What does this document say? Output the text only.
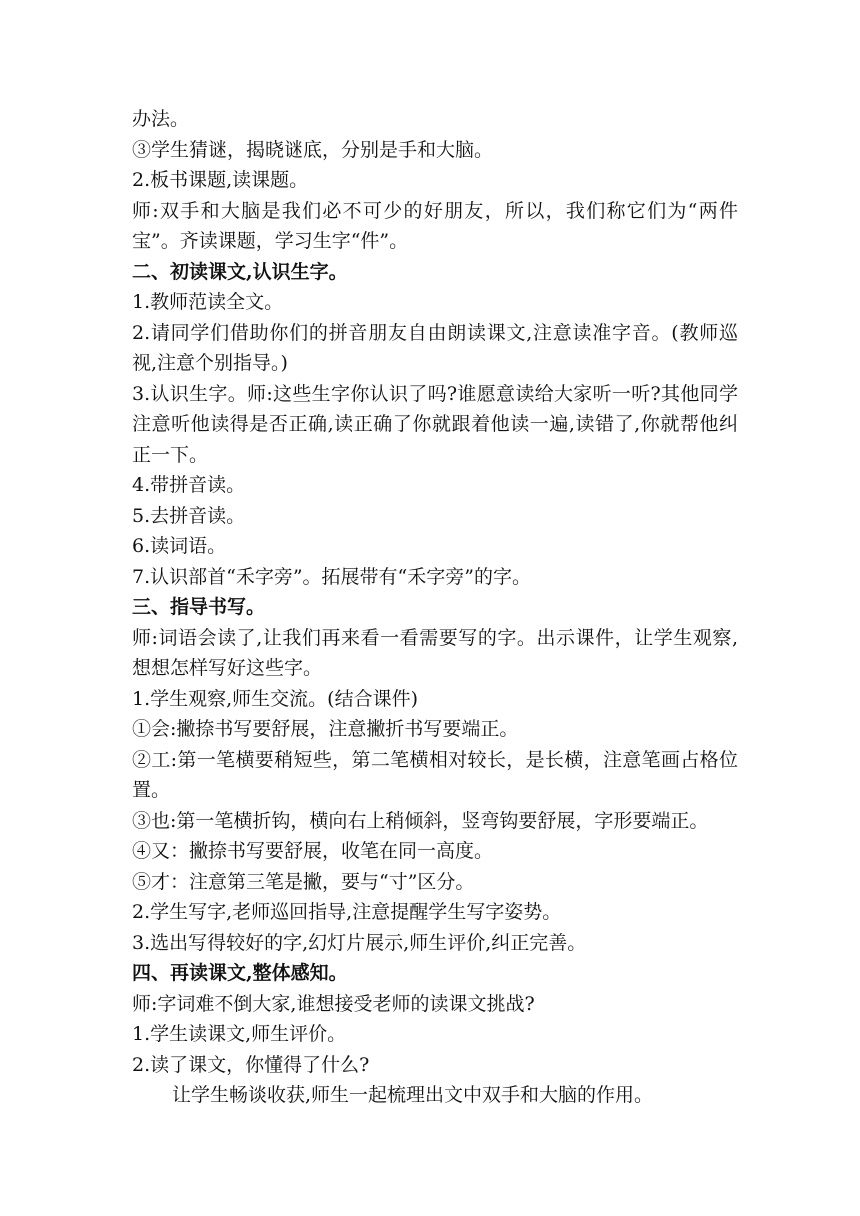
办法。
③学生猜谜，揭晓谜底，分别是手和大脑。
2.板书课题,读课题。
师:双手和大脑是我们必不可少的好朋友，所以，我们称它们为“两件宝”。齐读课题，学习生字“件”。
二、初读课文,认识生字。
1.教师范读全文。
2.请同学们借助你们的拼音朋友自由朗读课文,注意读准字音。(教师巡视,注意个别指导。)
3.认识生字。师:这些生字你认识了吗?谁愿意读给大家听一听?其他同学注意听他读得是否正确,读正确了你就跟着他读一遍,读错了,你就帮他纠正一下。
4.带拼音读。
5.去拼音读。
6.读词语。
7.认识部首“禾字旁”。拓展带有“禾字旁”的字。
三、指导书写。
师:词语会读了,让我们再来看一看需要写的字。出示课件，让学生观察,想想怎样写好这些字。
1.学生观察,师生交流。(结合课件)
①会:撇捺书写要舒展，注意撇折书写要端正。
②工:第一笔横要稍短些，第二笔横相对较长，是长横，注意笔画占格位置。
③也:第一笔横折钩，横向右上稍倾斜，竖弯钩要舒展，字形要端正。
④又：撇捺书写要舒展，收笔在同一高度。
⑤才：注意第三笔是撇，要与“寸”区分。
2.学生写字,老师巡回指导,注意提醒学生写字姿势。
3.选出写得较好的字,幻灯片展示,师生评价,纠正完善。
四、再读课文,整体感知。
师:字词难不倒大家,谁想接受老师的读课文挑战?
1.学生读课文,师生评价。
2.读了课文，你懂得了什么?
让学生畅谈收获,师生一起梳理出文中双手和大脑的作用。
